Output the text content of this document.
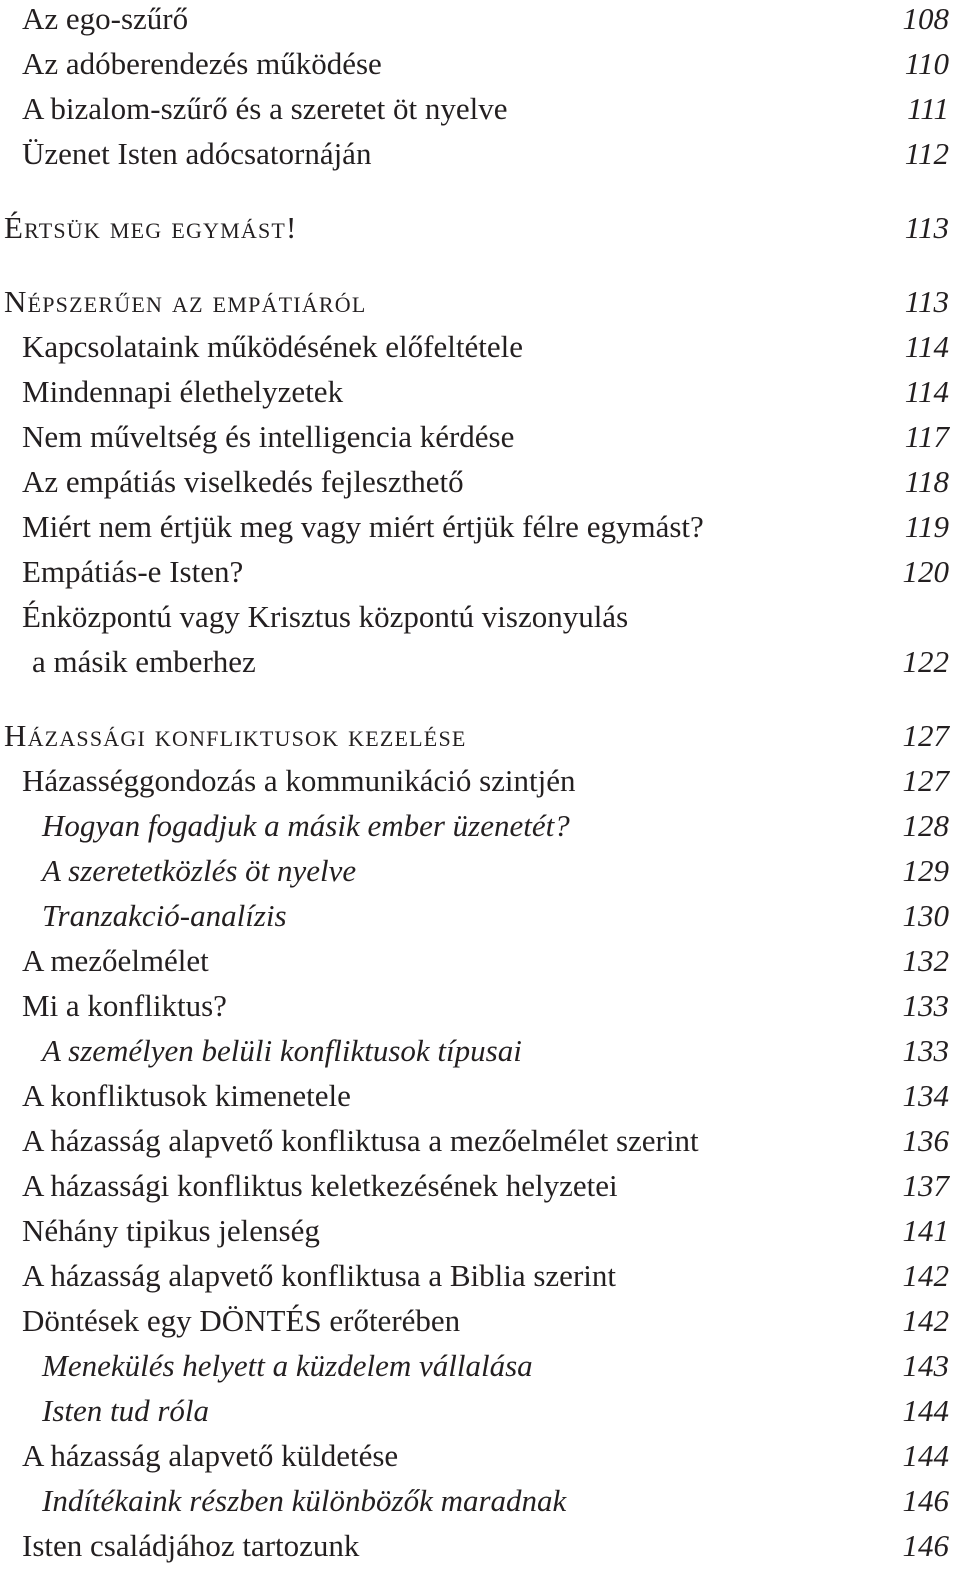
Az ego-szűrő	108
Az adóberendezés működése	110
A bizalom-szűrő és a szeretet öt nyelve	111
Üzenet Isten adócsatornáján	112
Értsük meg egymást!	113
Népszerűen az empátiáról	113
Kapcsolataink működésének előfeltétele	114
Mindennapi élethelyzetek	114
Nem műveltség és intelligencia kérdése	117
Az empátiás viselkedés fejleszthető	118
Miért nem értjük meg vagy miért értjük félre egymást?	119
Empátiás-e Isten?	120
Énközpontú vagy Krisztus központú viszonyulás
a másik emberhez	122
Házassági konfliktusok kezelése	127
Házasséggondozás a kommunikáció szintjén	127
Hogyan fogadjuk a másik ember üzenetét?	128
A szeretetközlés öt nyelve	129
Tranzakció-analízis	130
A mezőelmélet	132
Mi a konfliktus?	133
A személyen belüli konfliktusok típusai	133
A konfliktusok kimenetele	134
A házasság alapvető konfliktusa a mezőelmélet szerint	136
A házassági konfliktus keletkezésének helyzetei	137
Néhány tipikus jelenség	141
A házasság alapvető konfliktusa a Biblia szerint	142
Döntések egy DÖNTÉS erőterében	142
Menekülés helyett a küzdelem vállalása	143
Isten tud róla	144
A házasság alapvető küldetése	144
Indítékaink részben különbözők maradnak	146
Isten családjához tartozunk	146
